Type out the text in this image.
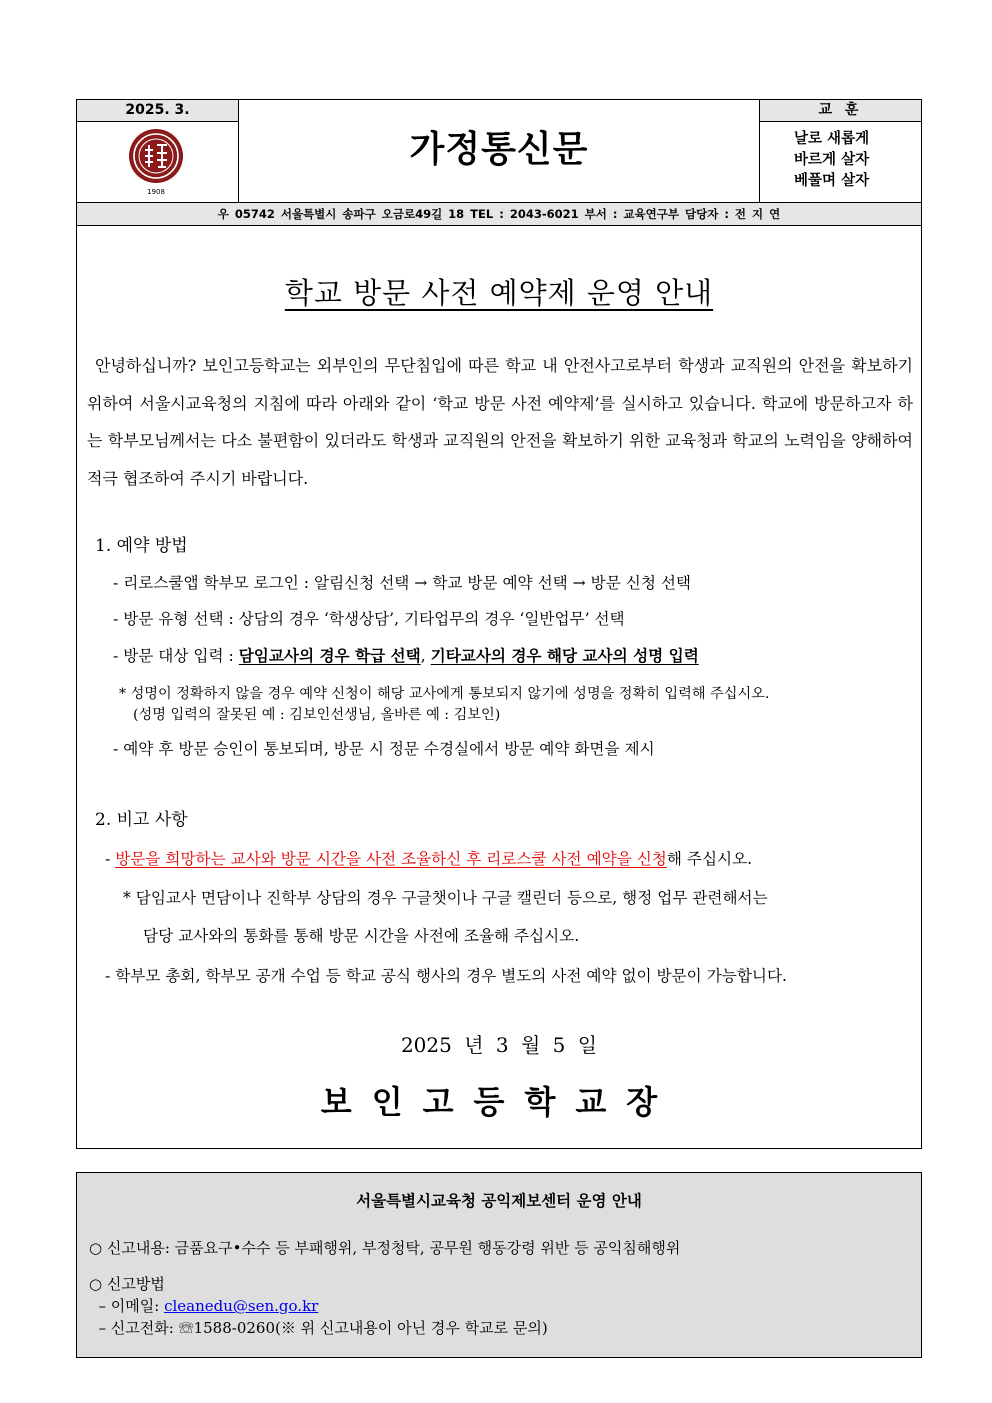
2025. 3.
1908
가정통신문
교 훈
날로 새롭게
바르게 살자
베풀며 살자
우 05742 서울특별시 송파구 오금로49길 18 TEL : 2043-6021 부서 : 교육연구부 담당자 : 전 지 연
학교 방문 사전 예약제 운영 안내
안녕하십니까? 보인고등학교는 외부인의 무단침입에 따른 학교 내 안전사고로부터 학생과 교직원의 안전을 확보하기 위하여 서울시교육청의 지침에 따라 아래와 같이 ‘학교 방문 사전 예약제’를 실시하고 있습니다. 학교에 방문하고자 하는 학부모님께서는 다소 불편함이 있더라도 학생과 교직원의 안전을 확보하기 위한 교육청과 학교의 노력임을 양해하여 적극 협조하여 주시기 바랍니다.
1. 예약 방법
- 리로스쿨앱 학부모 로그인 : 알림신청 선택 → 학교 방문 예약 선택 → 방문 신청 선택
- 방문 유형 선택 : 상담의 경우 ‘학생상담’, 기타업무의 경우 ‘일반업무’ 선택
- 방문 대상 입력 : 담임교사의 경우 학급 선택, 기타교사의 경우 해당 교사의 성명 입력
* 성명이 정확하지 않을 경우 예약 신청이 해당 교사에게 통보되지 않기에 성명을 정확히 입력해 주십시오.
(성명 입력의 잘못된 예 : 김보인선생님, 올바른 예 : 김보인)
- 예약 후 방문 승인이 통보되며, 방문 시 정문 수경실에서 방문 예약 화면을 제시
2. 비고 사항
- 방문을 희망하는 교사와 방문 시간을 사전 조율하신 후 리로스쿨 사전 예약을 신청해 주십시오.
* 담임교사 면담이나 진학부 상담의 경우 구글챗이나 구글 캘린더 등으로, 행정 업무 관련해서는
담당 교사와의 통화를 통해 방문 시간을 사전에 조율해 주십시오.
- 학부모 총회, 학부모 공개 수업 등 학교 공식 행사의 경우 별도의 사전 예약 없이 방문이 가능합니다.
2025 년 3 월 5 일
보인고등학교장
서울특별시교육청 공익제보센터 운영 안내
○ 신고내용: 금품요구•수수 등 부패행위, 부정청탁, 공무원 행동강령 위반 등 공익침해행위
○ 신고방법
– 이메일: cleanedu@sen.go.kr
– 신고전화: ☏1588-0260(※ 위 신고내용이 아닌 경우 학교로 문의)
